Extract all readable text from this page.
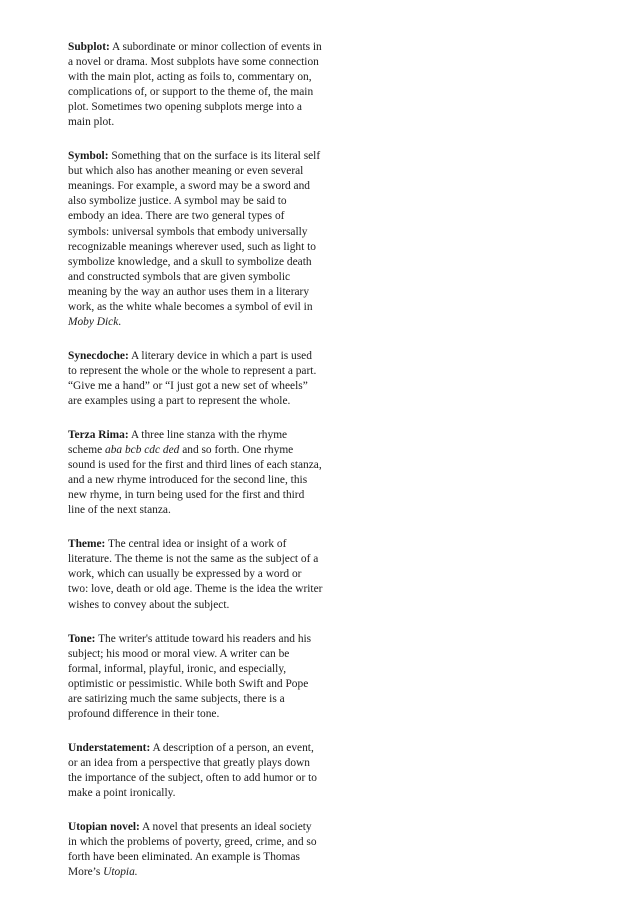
Subplot: A subordinate or minor collection of events in a novel or drama. Most subplots have some connection with the main plot, acting as foils to, commentary on, complications of, or support to the theme of, the main plot. Sometimes two opening subplots merge into a main plot.
Symbol: Something that on the surface is its literal self but which also has another meaning or even several meanings. For example, a sword may be a sword and also symbolize justice. A symbol may be said to embody an idea. There are two general types of symbols: universal symbols that embody universally recognizable meanings wherever used, such as light to symbolize knowledge, and a skull to symbolize death and constructed symbols that are given symbolic meaning by the way an author uses them in a literary work, as the white whale becomes a symbol of evil in Moby Dick.
Synecdoche: A literary device in which a part is used to represent the whole or the whole to represent a part. “Give me a hand” or “I just got a new set of wheels” are examples using a part to represent the whole.
Terza Rima: A three line stanza with the rhyme scheme aba bcb cdc ded and so forth. One rhyme sound is used for the first and third lines of each stanza, and a new rhyme introduced for the second line, this new rhyme, in turn being used for the first and third line of the next stanza.
Theme: The central idea or insight of a work of literature. The theme is not the same as the subject of a work, which can usually be expressed by a word or two: love, death or old age. Theme is the idea the writer wishes to convey about the subject.
Tone: The writer's attitude toward his readers and his subject; his mood or moral view. A writer can be formal, informal, playful, ironic, and especially, optimistic or pessimistic. While both Swift and Pope are satirizing much the same subjects, there is a profound difference in their tone.
Understatement: A description of a person, an event, or an idea from a perspective that greatly plays down the importance of the subject, often to add humor or to make a point ironically.
Utopian novel: A novel that presents an ideal society in which the problems of poverty, greed, crime, and so forth have been eliminated. An example is Thomas More’s Utopia.
